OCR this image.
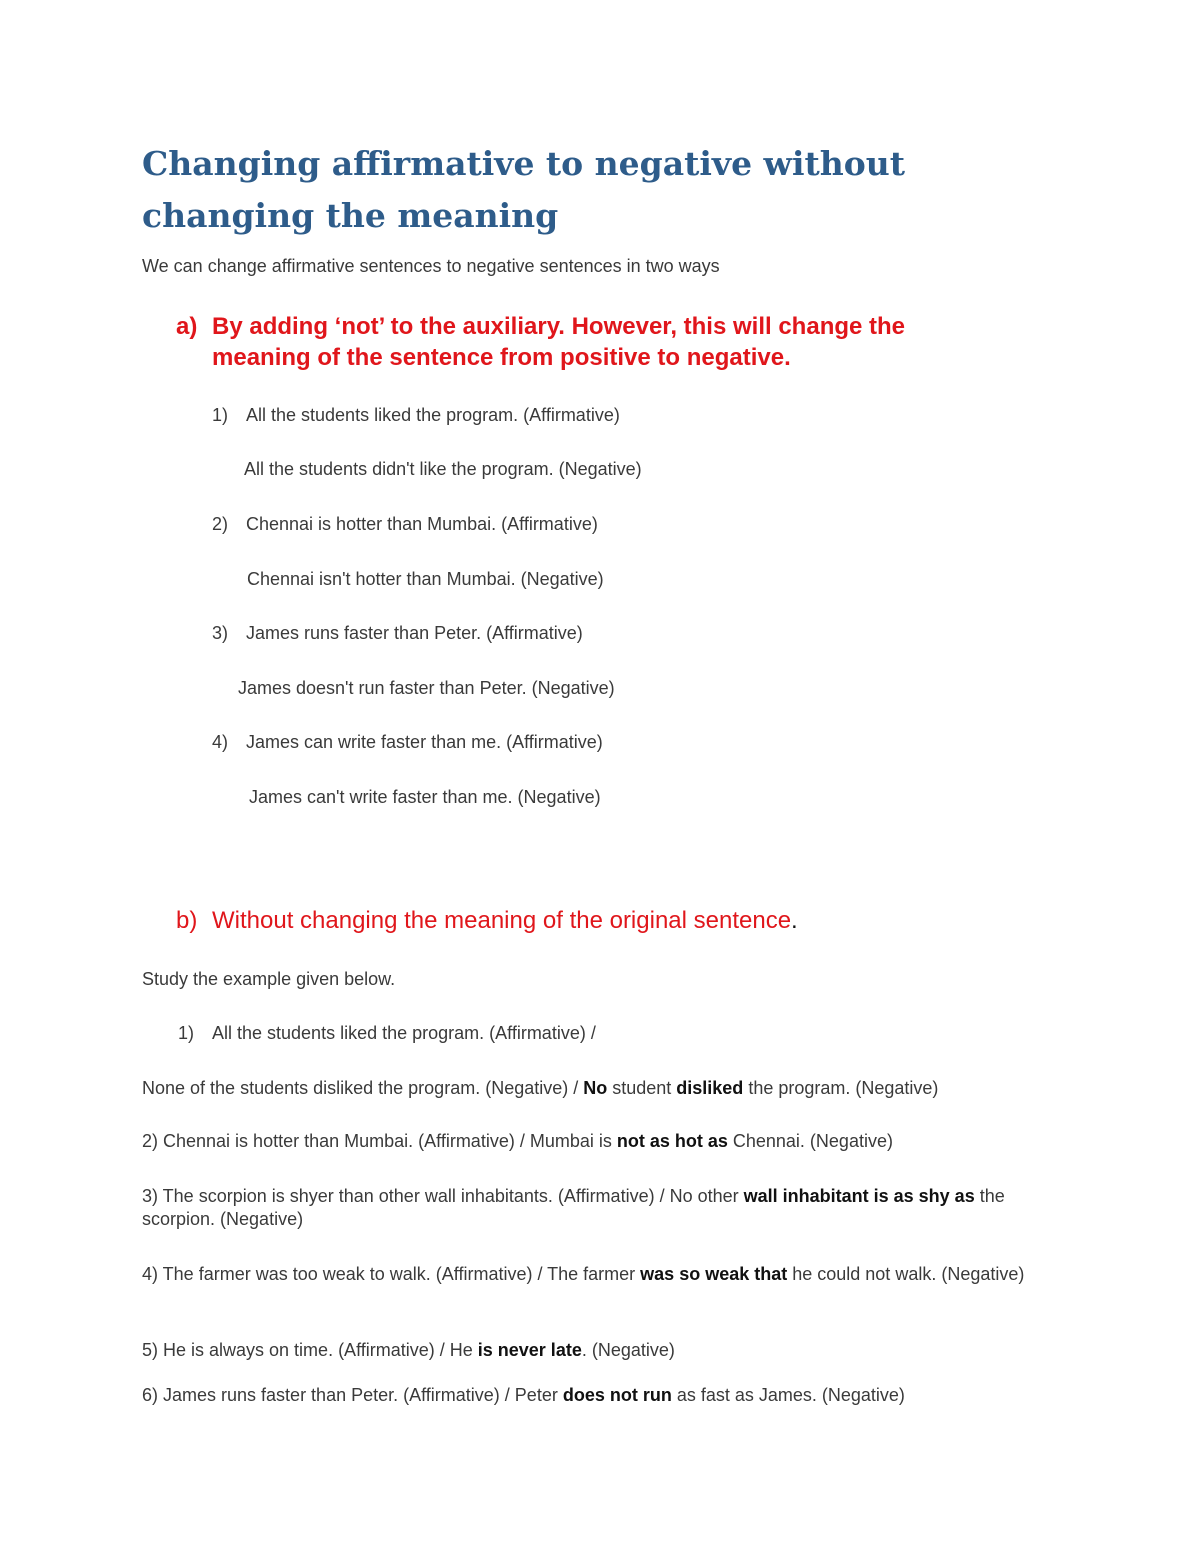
Changing affirmative to negative without changing the meaning

We can change affirmative sentences to negative sentences in two ways

a) By adding ‘not’ to the auxiliary. However, this will change the meaning of the sentence from positive to negative.

1) All the students liked the program. (Affirmative)

All the students didn't like the program. (Negative)

2) Chennai is hotter than Mumbai. (Affirmative)

Chennai isn't hotter than Mumbai. (Negative)

3) James runs faster than Peter. (Affirmative)

James doesn't run faster than Peter. (Negative)

4) James can write faster than me. (Affirmative)

James can't write faster than me. (Negative)

b) Without changing the meaning of the original sentence.

Study the example given below.

1) All the students liked the program. (Affirmative) /

None of the students disliked the program. (Negative) / No student disliked the program. (Negative)

2) Chennai is hotter than Mumbai. (Affirmative) / Mumbai is not as hot as Chennai. (Negative)

3) The scorpion is shyer than other wall inhabitants. (Affirmative) / No other wall inhabitant is as shy as the scorpion. (Negative)

4) The farmer was too weak to walk. (Affirmative) / The farmer was so weak that he could not walk. (Negative)

5) He is always on time. (Affirmative) / He is never late. (Negative)

6) James runs faster than Peter. (Affirmative) / Peter does not run as fast as James. (Negative)
